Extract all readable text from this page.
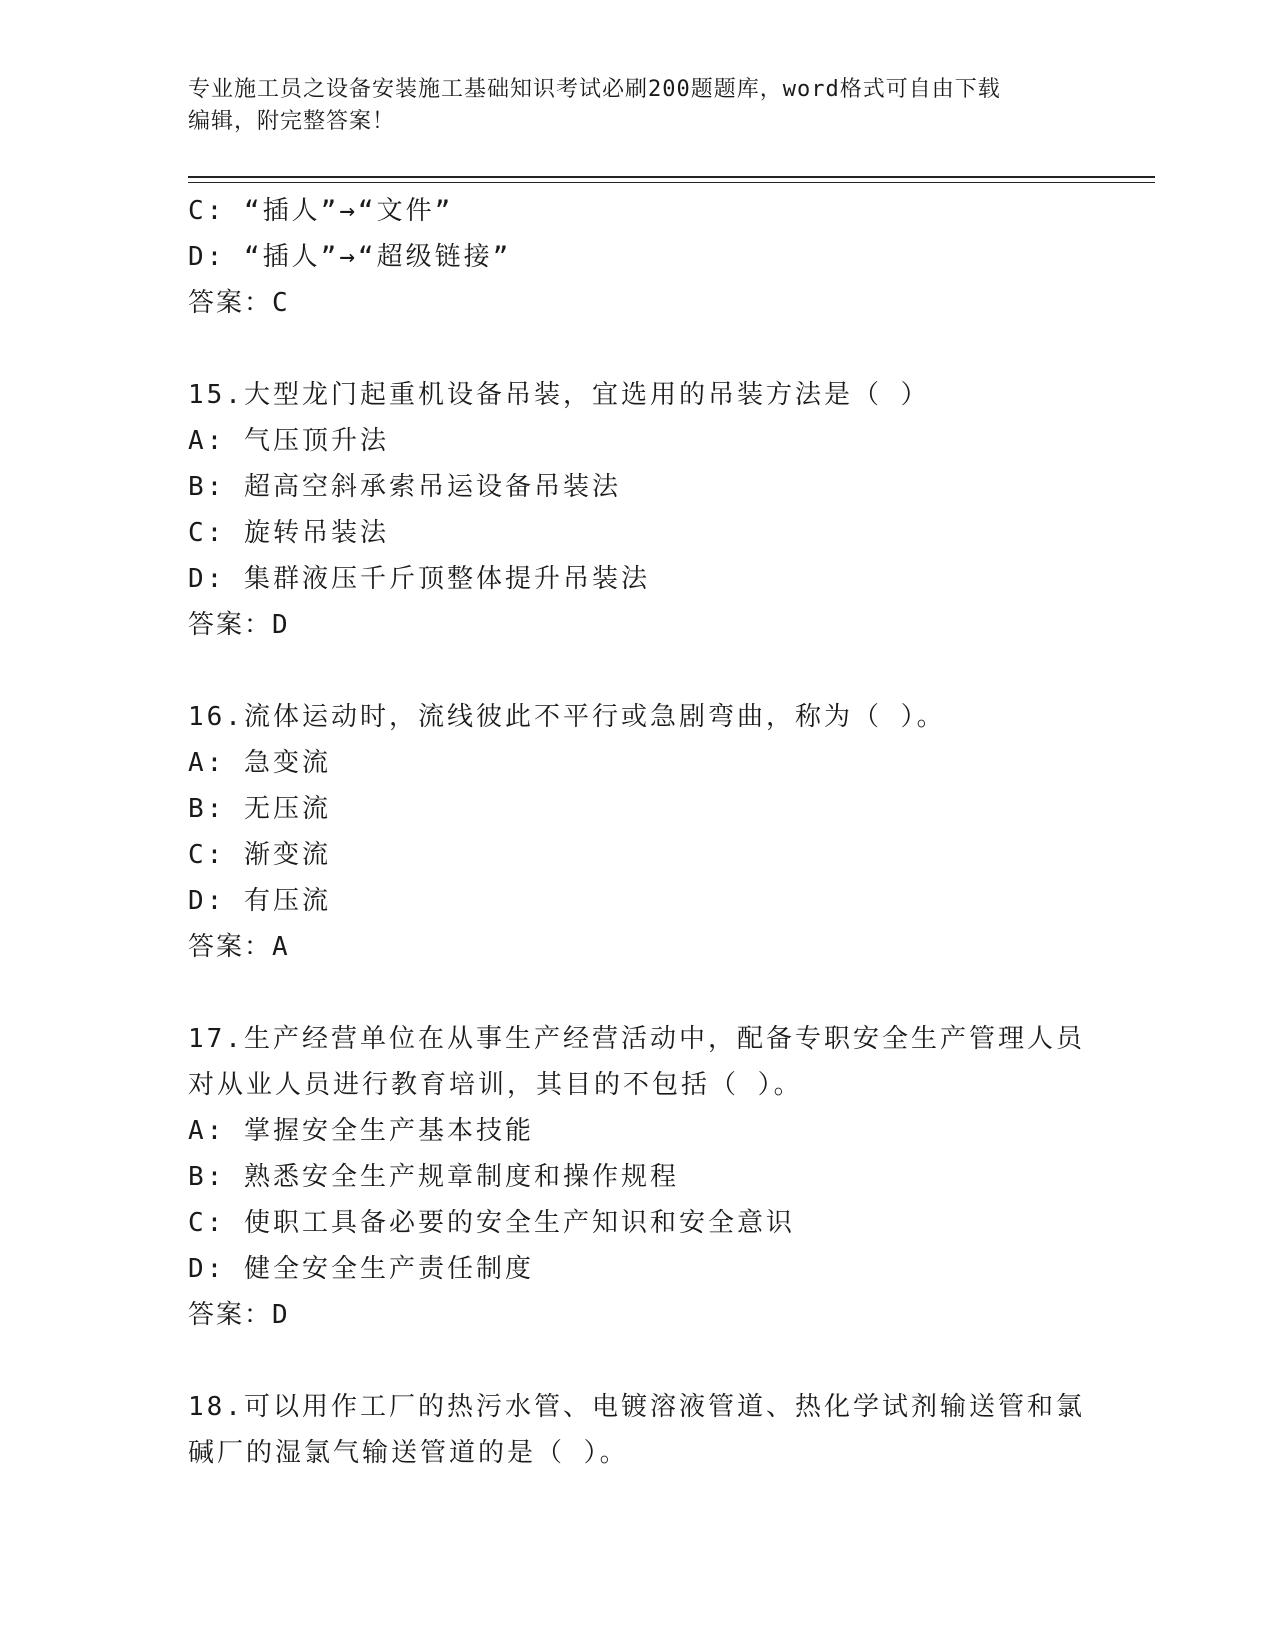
专业施工员之设备安装施工基础知识考试必刷200题题库，word格式可自由下载
编辑，附完整答案！
C: “插人”→“文件”
D: “插人”→“超级链接”
答案：C
15.大型龙门起重机设备吊装，宜选用的吊装方法是（ ）
A: 气压顶升法
B: 超高空斜承索吊运设备吊装法
C: 旋转吊装法
D: 集群液压千斤顶整体提升吊装法
答案：D
16.流体运动时，流线彼此不平行或急剧弯曲，称为（ ）。
A: 急变流
B: 无压流
C: 渐变流
D: 有压流
答案：A
17.生产经营单位在从事生产经营活动中，配备专职安全生产管理人员
对从业人员进行教育培训，其目的不包括（ ）。
A: 掌握安全生产基本技能
B: 熟悉安全生产规章制度和操作规程
C: 使职工具备必要的安全生产知识和安全意识
D: 健全安全生产责任制度
答案：D
18.可以用作工厂的热污水管、电镀溶液管道、热化学试剂输送管和氯
碱厂的湿氯气输送管道的是（ ）。
